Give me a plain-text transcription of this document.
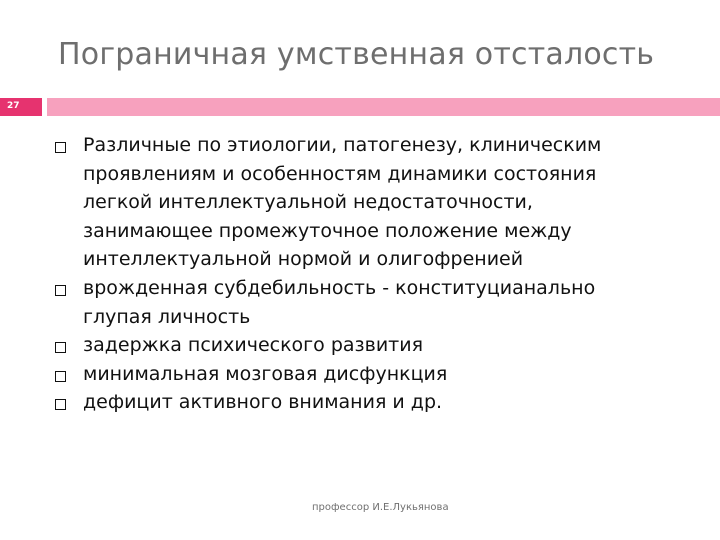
Пограничная умственная отсталость
27
Различные по этиологии, патогенезу, клиническим
проявлениям и особенностям динамики состояния
легкой интеллектуальной недостаточности,
занимающее промежуточное положение между
интеллектуальной нормой и олигофренией
врожденная субдебильность - конституцианально
глупая личность
задержка психического развития
минимальная мозговая дисфункция
дефицит активного внимания и др.
профессор И.Е.Лукьянова
